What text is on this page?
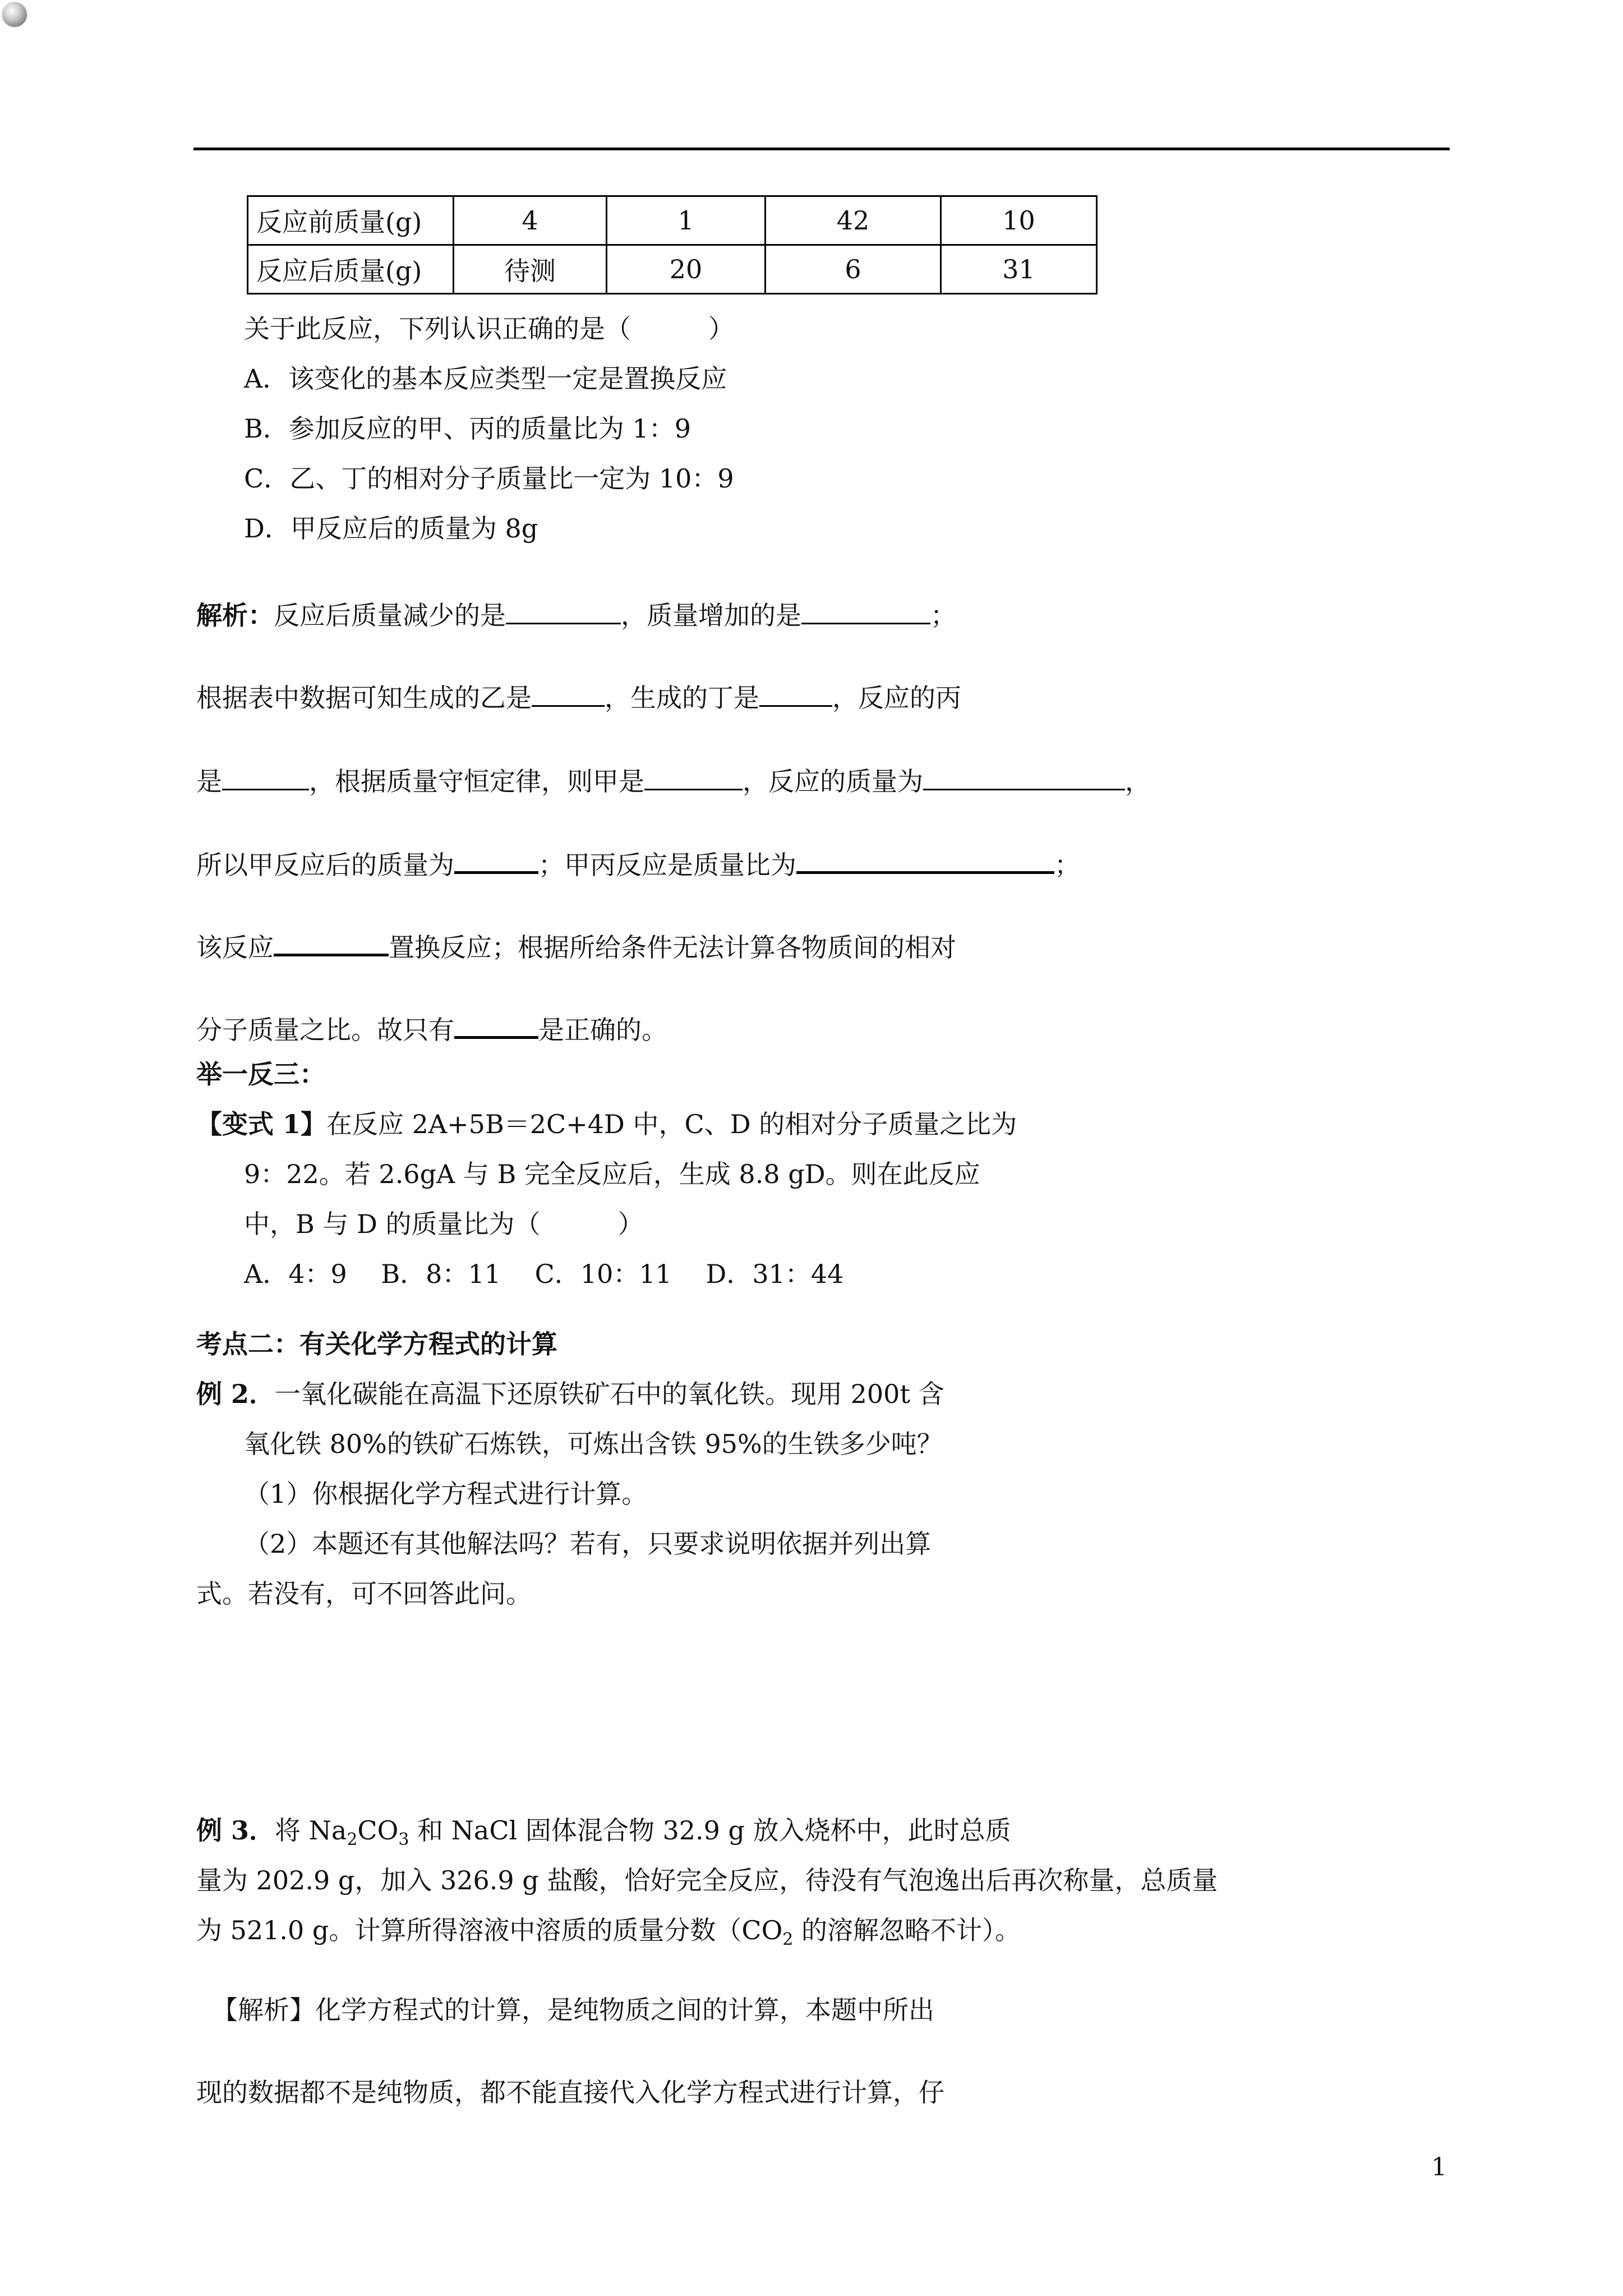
反应前质量(g)	4	1	42	10
反应后质量(g)	待测	20	6	31
关于此反应，下列认识正确的是（　　　）
A．该变化的基本反应类型一定是置换反应
B．参加反应的甲、丙的质量比为 1：9
C．乙、丁的相对分子质量比一定为 10：9
D．甲反应后的质量为 8g
解析：反应后质量减少的是	，质量增加的是	；
根据表中数据可知生成的乙是	，生成的丁是	，反应的丙
是	，根据质量守恒定律，则甲是	，反应的质量为	，
所以甲反应后的质量为	；甲丙反应是质量比为	；
该反应	置换反应；根据所给条件无法计算各物质间的相对
分子质量之比。故只有	是正确的。
举一反三：
【变式 1】在反应 2A+5B＝2C+4D 中，C、D 的相对分子质量之比为
9：22。若 2.6gA 与 B 完全反应后，生成 8.8 gD。则在此反应
中，B 与 D 的质量比为（　　　）
A．4：9　 B．8：11　 C．10：11　 D．31：44
考点二：有关化学方程式的计算
例 2．一氧化碳能在高温下还原铁矿石中的氧化铁。现用 200t 含
氧化铁 80%的铁矿石炼铁，可炼出含铁 95%的生铁多少吨？
（1）你根据化学方程式进行计算。
（2）本题还有其他解法吗？若有，只要求说明依据并列出算
式。若没有，可不回答此问。
例 3．将 $Na_2CO_3$ 和 NaCl 固体混合物 32.9 g 放入烧杯中，此时总质
量为 202.9 g，加入 326.9 g 盐酸，恰好完全反应，待没有气泡逸出后再次称量，总质量
为 521.0 g。计算所得溶液中溶质的质量分数（$CO_2$ 的溶解忽略不计）。
【解析】化学方程式的计算，是纯物质之间的计算，本题中所出
现的数据都不是纯物质，都不能直接代入化学方程式进行计算，仔
1
